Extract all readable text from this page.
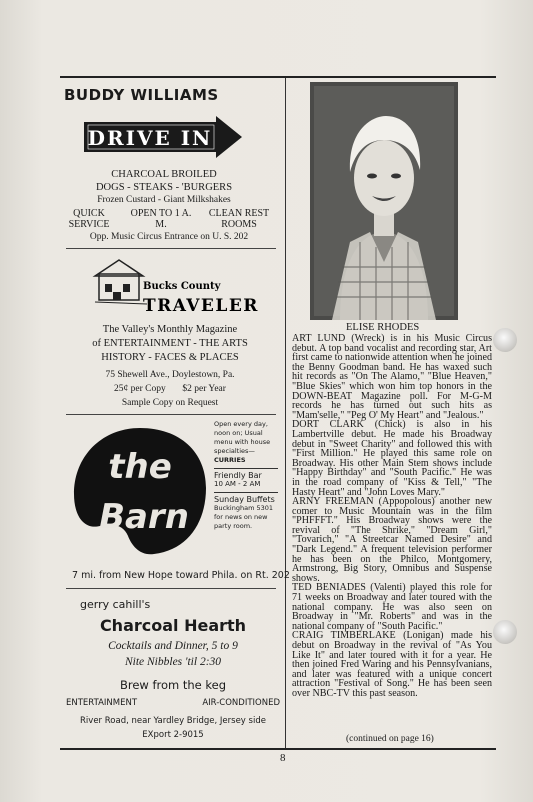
BUDDY WILLIAMS
DRIVE IN
CHARCOAL BROILED
DOGS - STEAKS - 'BURGERS
Frozen Custard - Giant Milkshakes
QUICK SERVICE
OPEN TO 1 A. M.
CLEAN REST ROOMS
Opp. Music Circus Entrance on U. S. 202
Bucks County
TRAVELER
The Valley's Monthly Magazine
of ENTERTAINMENT - THE ARTS
HISTORY - FACES & PLACES
75 Shewell Ave., Doylestown, Pa.
25¢ per Copy       $2 per Year
Sample Copy on Request
the
Barn
Open every day, noon on; Usual menu with house specialties—
CURRIES
Friendly Bar
10 AM - 2 AM
Sunday Buffets
Buckingham 5301 for news on new party room.
7 mi. from New Hope toward Phila. on Rt. 202
gerry cahill's
Charcoal Hearth
Cocktails and Dinner, 5 to 9
Nite Nibbles 'til 2:30
Brew from the keg
ENTERTAINMENT	AIR-CONDITIONED
River Road, near Yardley Bridge, Jersey side
EXport 2-9015
ELISE RHODES

ART LUND (Wreck) is in his Music Circus debut. A top band vocalist and recording star, Art first came to nationwide attention when he joined the Benny Goodman band. He has waxed such hit records as "On The Alamo," "Blue Heaven," "Blue Skies" which won him top honors in the DOWN-BEAT Magazine poll. For M-G-M records he has turned out such hits as "Mam'selle," "Peg O' My Heart" and "Jealous."

DORT CLARK (Chick) is also in his Lambertville debut. He made his Broadway debut in "Sweet Charity" and followed this with "First Million." He played this same role on Broadway. His other Main Stem shows include "Happy Birthday" and "South Pacific." He was in the road company of "Kiss & Tell," "The Hasty Heart" and "John Loves Mary."

ARNY FREEMAN (Appopolous) another new comer to Music Mountain was in the film "PHFFFT." His Broadway shows were the revival of "The Shrike," "Dream Girl," "Tovarich," "A Streetcar Named Desire" and "Dark Legend." A frequent television performer he has been on the Philco, Montgomery, Armstrong, Big Story, Omnibus and Suspense shows.

TED BENIADES (Valenti) played this role for 71 weeks on Broadway and later toured with the national company. He was also seen on Broadway in "Mr. Roberts" and was in the national company of "South Pacific."

CRAIG TIMBERLAKE (Lonigan) made his debut on Broadway in the revival of "As You Like It" and later toured with it for a year. He then joined Fred Waring and his Pennsylvanians, and later was featured with a unique concert attraction "Festival of Song." He has been seen over NBC-TV this past season.

(continued on page 16)
8
